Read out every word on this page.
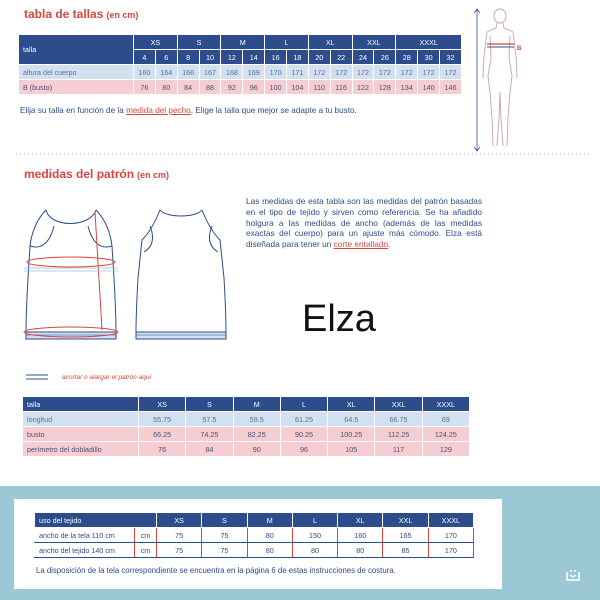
tabla de tallas (en cm)
talla	XS		S		M		L		XL		XXL		XXXL		
	4	6	8	10	12	14	16	18	20	22	24	26	28	30	32
altura del cuerpo	160	164	166	167	168	169	170	171	172	172	172	172	172	172	172
B (busto)	76	80	84	88	92	96	100	104	110	116	122	128	134	140	146
Elija su talla en función de la medida del pecho. Elige la talla que mejor se adapte a tu busto.
B
medidas del patrón (en cm)
Las medidas de esta tabla son las medidas del patrón basadas en el tipo de tejido y sirven como referencia. Se ha añadido holgura a las medidas de ancho (además de las medidas exactas del cuerpo) para un ajuste más cómodo. Elza está diseñada para tener un corte entallado.
Elza
acortar o alargar el patrón aquí
talla	XS	S	M	L	XL	XXL	XXXL
longitud	55.75	57.5	59.5	61.25	64.5	66.75	69
busto	66.25	74.25	82.25	90.25	100.25	112.25	124.25
perímetro del dobladillo	76	84	90	96	105	117	129
uso del tejido		XS	S	M	L	XL	XXL	XXXL
ancho de la tela 110 cm	cm	75	75	80	150	160	165	170
ancho del tejido 140 cm	cm	75	75	80	80	80	85	170
La disposición de la tela correspondiente se encuentra en la página 6 de estas instrucciones de costura.
